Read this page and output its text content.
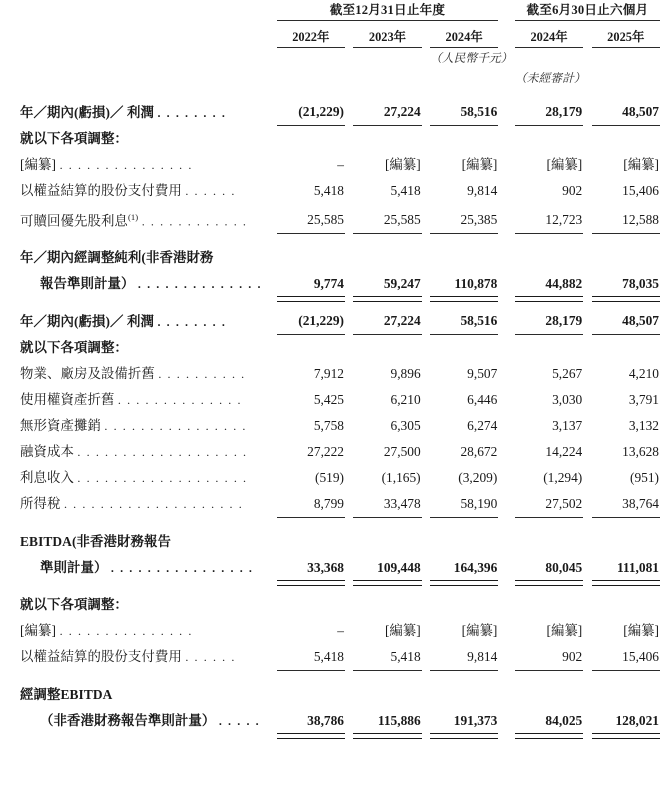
		截至12月31日止年度						截至6月30日止六個月		

		2022年		2023年		2024年		2024年		2025年
						（人民幣千元）				
								（未經審計）		

年／期內(虧損)／ 利潤 . . . . . . . .		(21,229)		27,224		58,516		28,179		48,507
就以下各項調整：										
[編纂] . . . . . . . . . . . . . . .		–		[編纂]		[編纂]		[編纂]		[編纂]
以權益結算的股份支付費用 . . . . . .		5,418		5,418		9,814		902		15,406
可贖回優先股利息$^{(1)}$ . . . . . . . . . . . .		25,585		25,585		25,385		12,723		12,588

年／期內經調整純利(非香港財務										
報告準則計量） . . . . . . . . . . . . . .		9,774		59,247		110,878		44,882		78,035

年／期內(虧損)／ 利潤 . . . . . . . .		(21,229)		27,224		58,516		28,179		48,507
就以下各項調整：										
物業、廠房及設備折舊 . . . . . . . . . .		7,912		9,896		9,507		5,267		4,210
使用權資產折舊 . . . . . . . . . . . . . .		5,425		6,210		6,446		3,030		3,791
無形資產攤銷 . . . . . . . . . . . . . . . .		5,758		6,305		6,274		3,137		3,132
融資成本 . . . . . . . . . . . . . . . . . . .		27,222		27,500		28,672		14,224		13,628
利息收入 . . . . . . . . . . . . . . . . . . .		(519)		(1,165)		(3,209)		(1,294)		(951)
所得稅 . . . . . . . . . . . . . . . . . . . .		8,799		33,478		58,190		27,502		38,764

EBITDA(非香港財務報告										
準則計量） . . . . . . . . . . . . . . . .		33,368		109,448		164,396		80,045		111,081

就以下各項調整：										
[編纂] . . . . . . . . . . . . . . .		–		[編纂]		[編纂]		[編纂]		[編纂]
以權益結算的股份支付費用 . . . . . .		5,418		5,418		9,814		902		15,406

經調整EBITDA										
（非香港財務報告準則計量） . . . . .		38,786		115,886		191,373		84,025		128,021
